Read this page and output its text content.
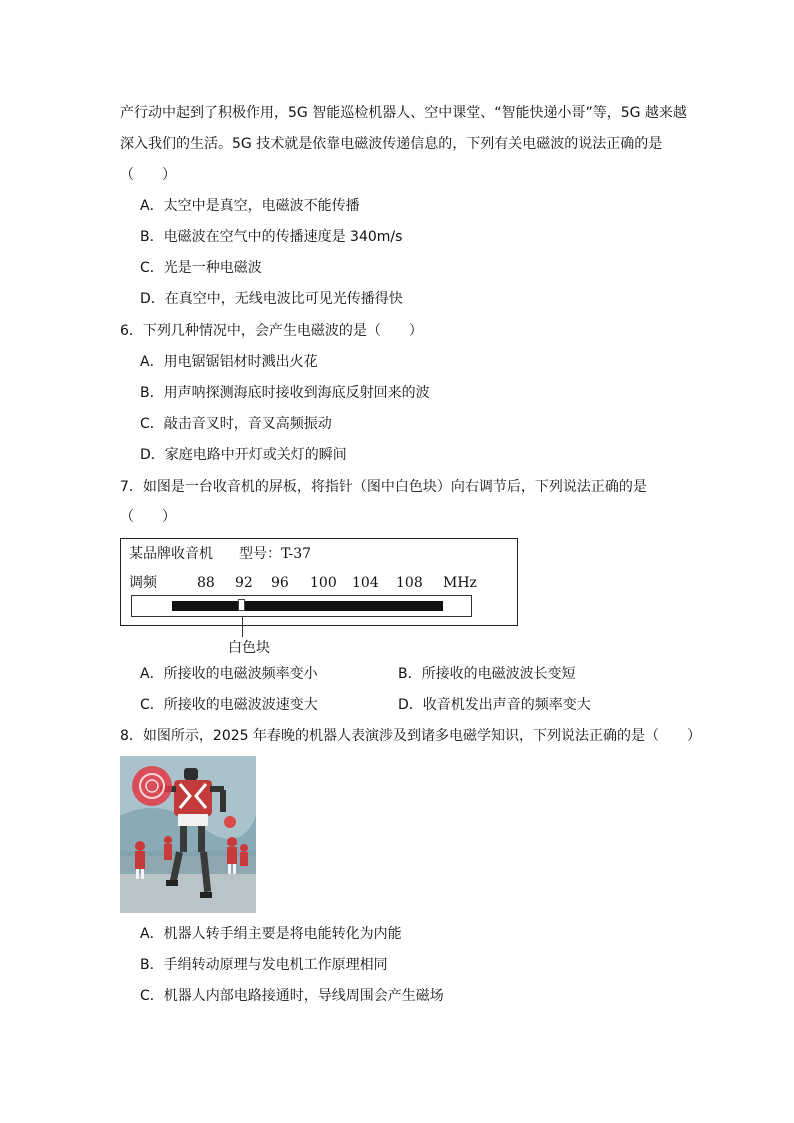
产行动中起到了积极作用，5G 智能巡检机器人、空中课堂、“智能快递小哥”等，5G 越来越
深入我们的生活。5G 技术就是依靠电磁波传递信息的，下列有关电磁波的说法正确的是
（　　）
A．太空中是真空，电磁波不能传播
B．电磁波在空气中的传播速度是 340m/s
C．光是一种电磁波
D．在真空中，无线电波比可见光传播得快
6．下列几种情况中，会产生电磁波的是（　　）
A．用电锯锯铝材时溅出火花
B．用声呐探测海底时接收到海底反射回来的波
C．敲击音叉时，音叉高频振动
D．家庭电路中开灯或关灯的瞬间
7．如图是一台收音机的屏板，将指针（图中白色块）向右调节后，下列说法正确的是
（　　）
某品牌收音机 型号：T-37
调频	88 92 96 100 104 108 MHz
白色块
A．所接收的电磁波频率变小	B．所接收的电磁波波长变短
C．所接收的电磁波波速变大	D．收音机发出声音的频率变大
8．如图所示，2025 年春晚的机器人表演涉及到诸多电磁学知识，下列说法正确的是（　　）
A．机器人转手绢主要是将电能转化为内能
B．手绢转动原理与发电机工作原理相同
C．机器人内部电路接通时，导线周围会产生磁场
